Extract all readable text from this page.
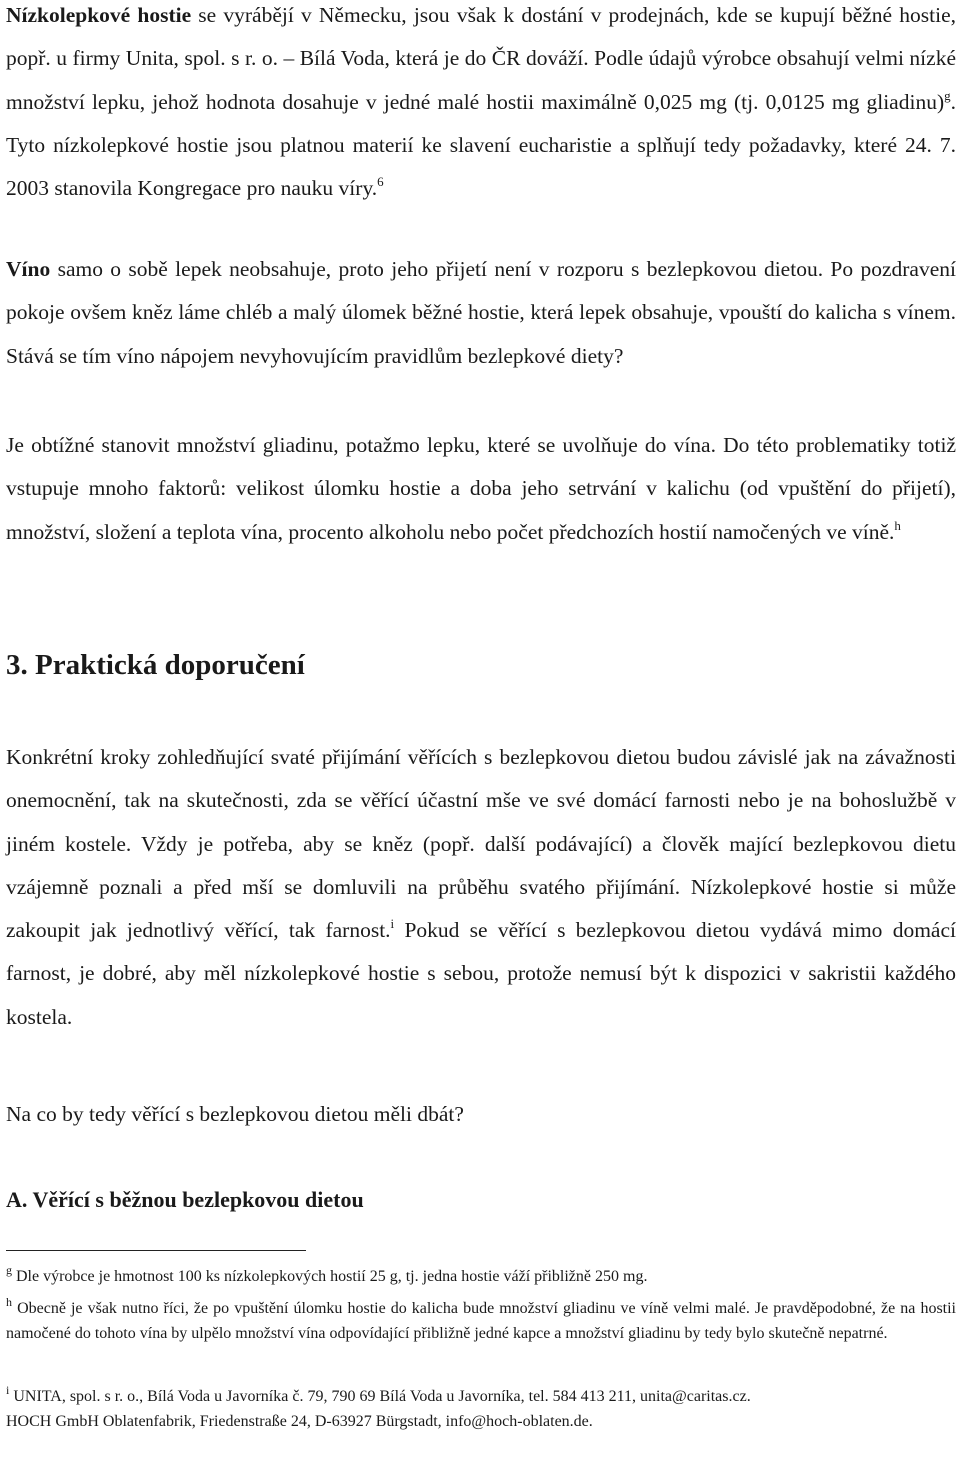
Nízkolepkové hostie se vyrábějí v Německu, jsou však k dostání v prodejnách, kde se kupují běžné hostie, popř. u firmy Unita, spol. s r. o. – Bílá Voda, která je do ČR dováží. Podle údajů výrobce obsahují velmi nízké množství lepku, jehož hodnota dosahuje v jedné malé hostii maximálně 0,025 mg (tj. 0,0125 mg gliadinu)$^g$. Tyto nízkolepkové hostie jsou platnou materií ke slavení eucharistie a splňují tedy požadavky, které 24. 7. 2003 stanovila Kongregace pro nauku víry.$^6$

Víno samo o sobě lepek neobsahuje, proto jeho přijetí není v rozporu s bezlepkovou dietou. Po pozdravení pokoje ovšem kněz láme chléb a malý úlomek běžné hostie, která lepek obsahuje, vpouští do kalicha s vínem. Stává se tím víno nápojem nevyhovujícím pravidlům bezlepkové diety?

Je obtížné stanovit množství gliadinu, potažmo lepku, které se uvolňuje do vína. Do této problematiky totiž vstupuje mnoho faktorů: velikost úlomku hostie a doba jeho setrvání v kalichu (od vpuštění do přijetí), množství, složení a teplota vína, procento alkoholu nebo počet předchozích hostií namočených ve víně.$^h$

3. Praktická doporučení

Konkrétní kroky zohledňující svaté přijímání věřících s bezlepkovou dietou budou závislé jak na závažnosti onemocnění, tak na skutečnosti, zda se věřící účastní mše ve své domácí farnosti nebo je na bohoslužbě v jiném kostele. Vždy je potřeba, aby se kněz (popř. další podávající) a člověk mající bezlepkovou dietu vzájemně poznali a před mší se domluvili na průběhu svatého přijímání. Nízkolepkové hostie si může zakoupit jak jednotlivý věřící, tak farnost.$^i$ Pokud se věřící s bezlepkovou dietou vydává mimo domácí farnost, je dobré, aby měl nízkolepkové hostie s sebou, protože nemusí být k dispozici v sakristii každého kostela.

Na co by tedy věřící s bezlepkovou dietou měli dbát?

A. Věřící s běžnou bezlepkovou dietou

$^g$ Dle výrobce je hmotnost 100 ks nízkolepkových hostií 25 g, tj. jedna hostie váží přibližně 250 mg.

$^h$ Obecně je však nutno říci, že po vpuštění úlomku hostie do kalicha bude množství gliadinu ve víně velmi malé. Je pravděpodobné, že na hostii namočené do tohoto vína by ulpělo množství vína odpovídající přibližně jedné kapce a množství gliadinu by tedy bylo skutečně nepatrné.

$^i$ UNITA, spol. s r. o., Bílá Voda u Javorníka č. 79, 790 69 Bílá Voda u Javorníka, tel. 584 413 211, unita@caritas.cz.
HOCH GmbH Oblatenfabrik, Friedenstraße 24, D-63927 Bürgstadt, info@hoch-oblaten.de.
